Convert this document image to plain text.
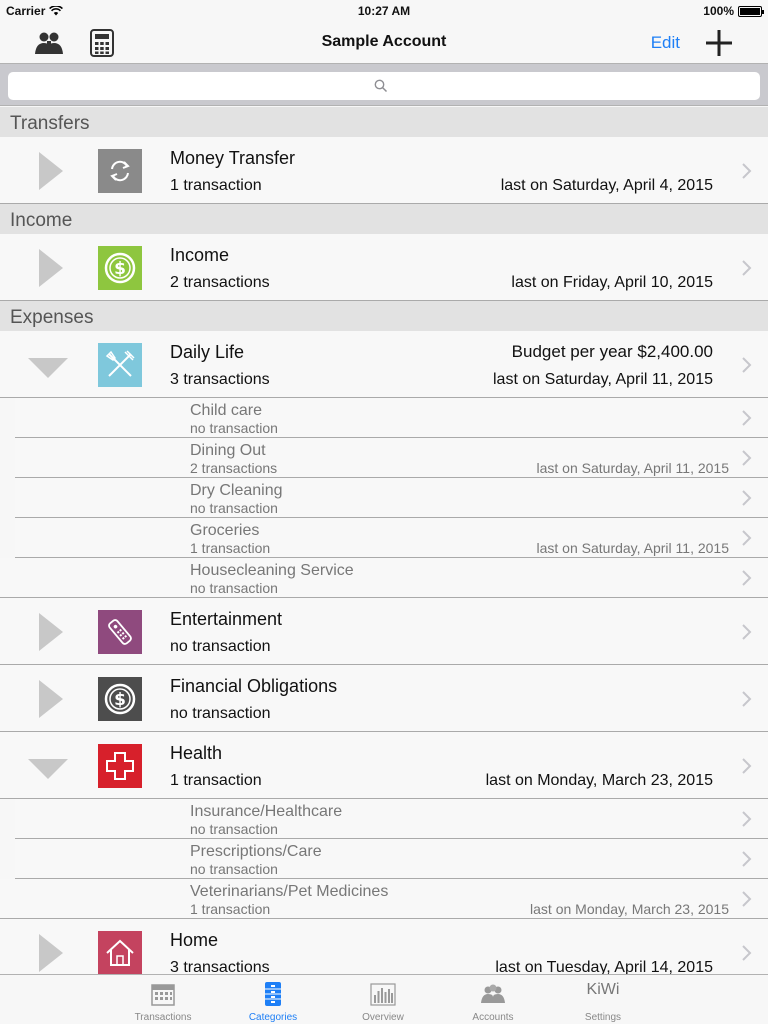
Carrier	10:27 AM	100%
Sample Account	Edit
Transfers
Money Transfer
1 transaction	last on Saturday, April 4, 2015
Income
$
Income
2 transactions	last on Friday, April 10, 2015
Expenses
Daily Life
3 transactions
Budget per year $2,400.00
last on Saturday, April 11, 2015
Child care
no transaction
Dining Out
2 transactions	last on Saturday, April 11, 2015
Dry Cleaning
no transaction
Groceries
1 transaction	last on Saturday, April 11, 2015
Housecleaning Service
no transaction
Entertainment
no transaction
$
Financial Obligations
no transaction
Health
1 transaction	last on Monday, March 23, 2015
Insurance/Healthcare
no transaction
Prescriptions/Care
no transaction
Veterinarians/Pet Medicines
1 transaction	last on Monday, March 23, 2015
Home
3 transactions	last on Tuesday, April 14, 2015
Transactions	Categories	Overview	Accounts
KiWi
Settings
